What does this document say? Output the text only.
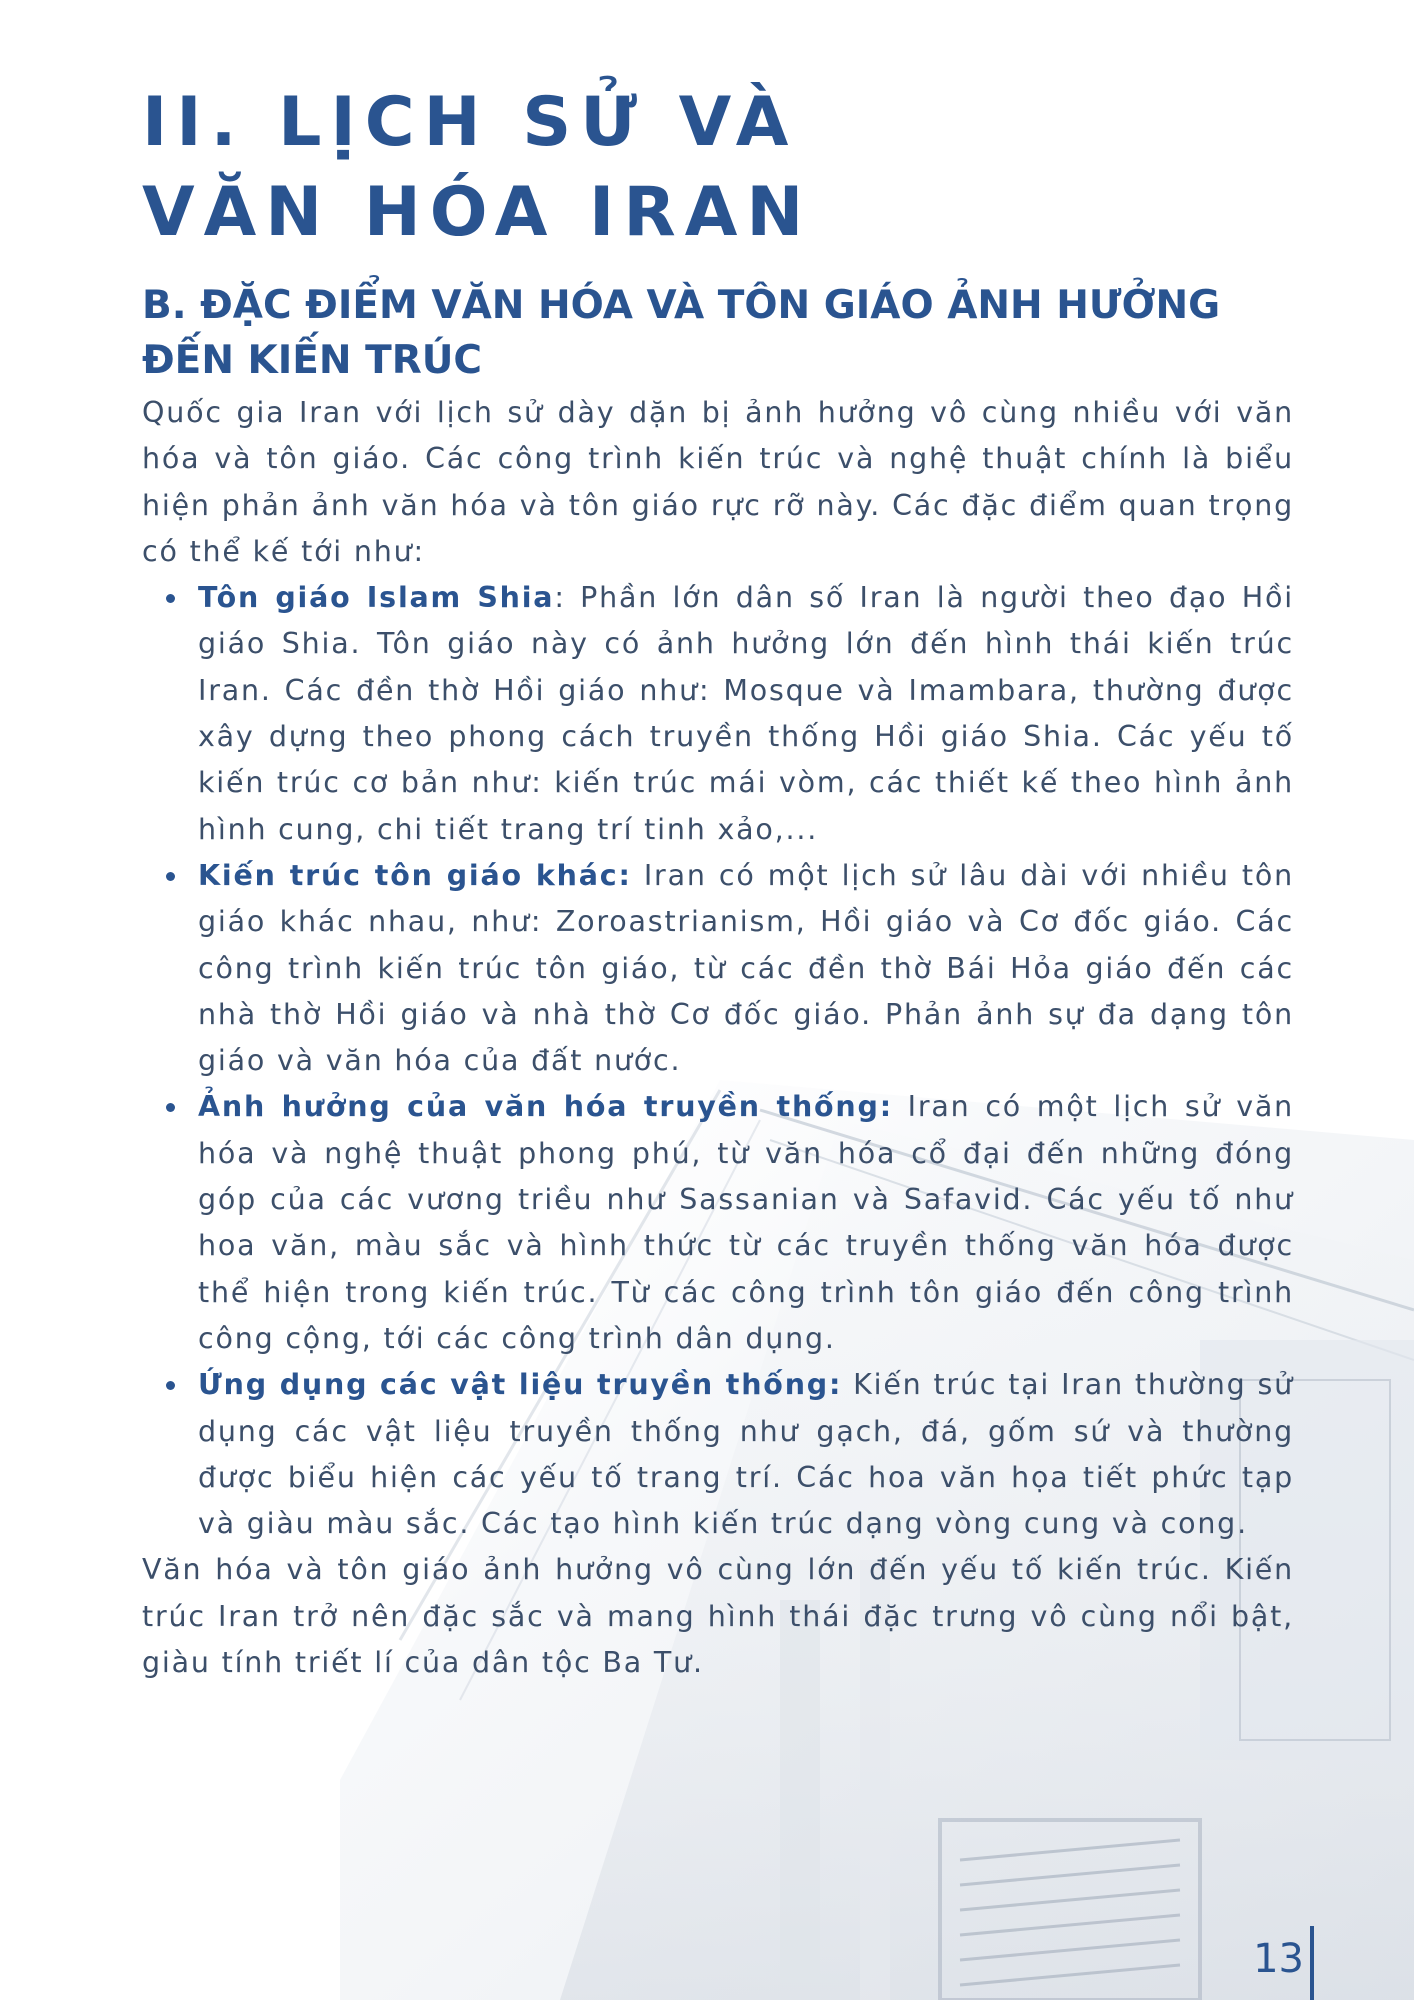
II. LỊCH SỬ VÀ
VĂN HÓA IRAN
B. ĐẶC ĐIỂM VĂN HÓA VÀ TÔN GIÁO ẢNH HƯỞNG ĐẾN KIẾN TRÚC

Quốc gia Iran với lịch sử dày dặn bị ảnh hưởng vô cùng nhiều với văn hóa và tôn giáo. Các công trình kiến trúc và nghệ thuật chính là biểu hiện phản ảnh văn hóa và tôn giáo rực rỡ này. Các đặc điểm quan trọng có thể kế tới như:

Tôn giáo Islam Shia: Phần lớn dân số Iran là người theo đạo Hồi giáo Shia. Tôn giáo này có ảnh hưởng lớn đến hình thái kiến trúc Iran. Các đền thờ Hồi giáo như: Mosque và Imambara, thường được xây dựng theo phong cách truyền thống Hồi giáo Shia. Các yếu tố kiến trúc cơ bản như: kiến trúc mái vòm, các thiết kế theo hình ảnh hình cung, chi tiết trang trí tinh xảo,...
Kiến trúc tôn giáo khác: Iran có một lịch sử lâu dài với nhiều tôn giáo khác nhau, như: Zoroastrianism, Hồi giáo và Cơ đốc giáo. Các công trình kiến trúc tôn giáo, từ các đền thờ Bái Hỏa giáo đến các nhà thờ Hồi giáo và nhà thờ Cơ đốc giáo. Phản ảnh sự đa dạng tôn giáo và văn hóa của đất nước.
Ảnh hưởng của văn hóa truyền thống: Iran có một lịch sử văn hóa và nghệ thuật phong phú, từ văn hóa cổ đại đến những đóng góp của các vương triều như Sassanian và Safavid. Các yếu tố như hoa văn, màu sắc và hình thức từ các truyền thống văn hóa được thể hiện trong kiến trúc. Từ các công trình tôn giáo đến công trình công cộng, tới các công trình dân dụng.
Ứng dụng các vật liệu truyền thống: Kiến trúc tại Iran thường sử dụng các vật liệu truyền thống như gạch, đá, gốm sứ và thường được biểu hiện các yếu tố trang trí. Các hoa văn họa tiết phức tạp và giàu màu sắc. Các tạo hình kiến trúc dạng vòng cung và cong.

Văn hóa và tôn giáo ảnh hưởng vô cùng lớn đến yếu tố kiến trúc. Kiến trúc Iran trở nên đặc sắc và mang hình thái đặc trưng vô cùng nổi bật, giàu tính triết lí của dân tộc Ba Tư.

13
